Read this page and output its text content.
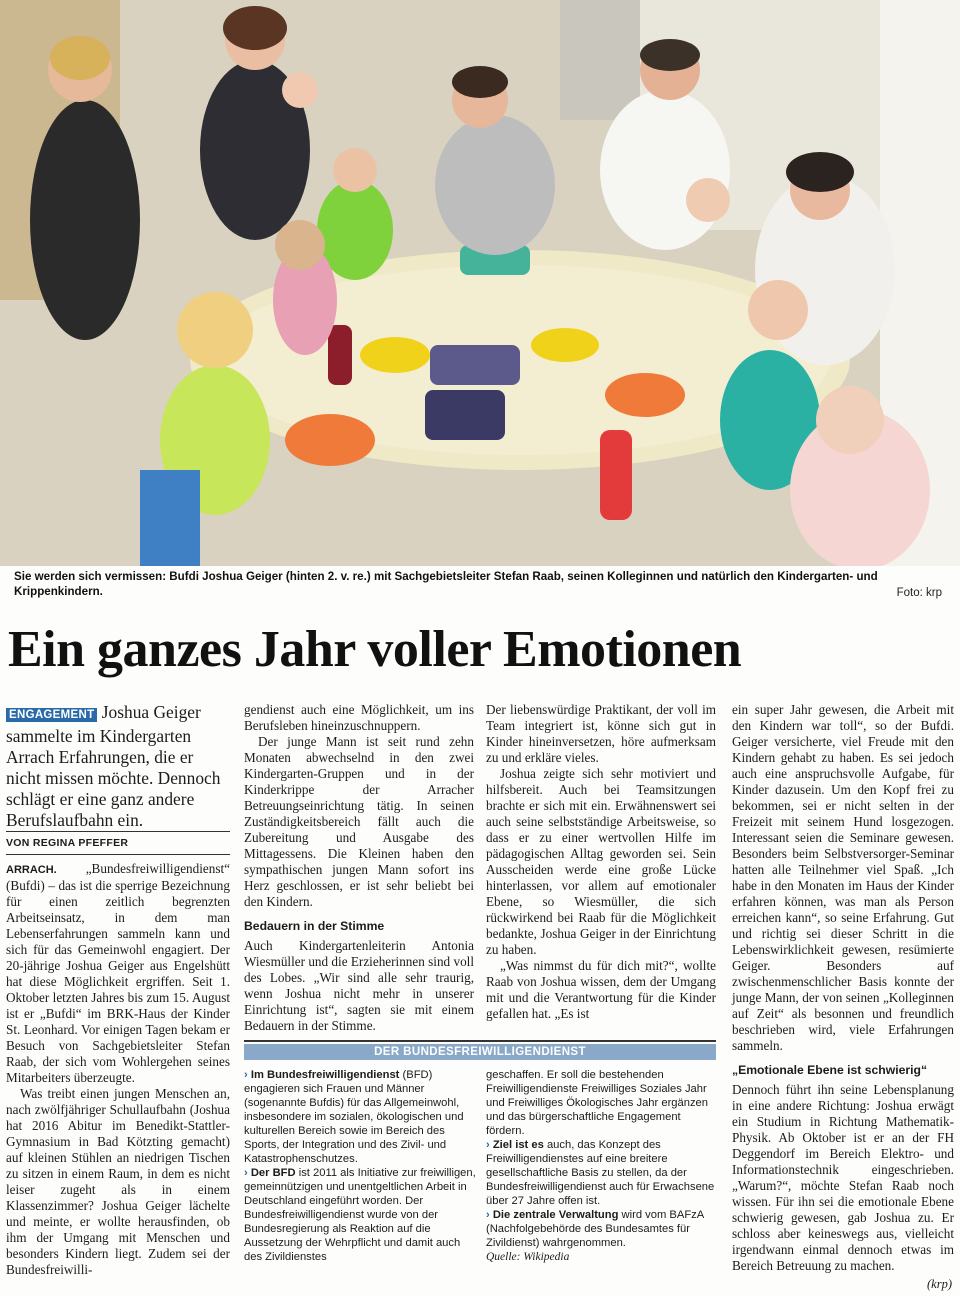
Sie werden sich vermissen: Bufdi Joshua Geiger (hinten 2. v. re.) mit Sachgebietsleiter Stefan Raab, seinen Kolleginnen und natürlich den Kindergarten- und Krippenkindern.	Foto: krp
Ein ganzes Jahr voller Emotionen

ENGAGEMENT Joshua Geiger sammelte im Kindergarten Arrach Erfahrungen, die er nicht missen möchte. Dennoch schlägt er eine ganz andere Berufslaufbahn ein.

VON REGINA PFEFFER

ARRACH. „Bundesfreiwilligendienst“ (Bufdi) – das ist die sperrige Bezeichnung für einen zeitlich begrenzten Arbeitseinsatz, in dem man Lebenserfahrungen sammeln kann und sich für das Gemeinwohl engagiert. Der 20-jährige Joshua Geiger aus Engelshütt hat diese Möglichkeit ergriffen. Seit 1. Oktober letzten Jahres bis zum 15. August ist er „Bufdi“ im BRK-Haus der Kinder St. Leonhard. Vor einigen Tagen bekam er Besuch von Sachgebietsleiter Stefan Raab, der sich vom Wohlergehen seines Mitarbeiters überzeugte.

Was treibt einen jungen Menschen an, nach zwölfjähriger Schullaufbahn (Joshua hat 2016 Abitur im Benedikt-Stattler-Gymnasium in Bad Kötzting gemacht) auf kleinen Stühlen an niedrigen Tischen zu sitzen in einem Raum, in dem es nicht leiser zugeht als in einem Klassenzimmer? Joshua Geiger lächelte und meinte, er wollte herausfinden, ob ihm der Umgang mit Menschen und besonders Kindern liegt. Zudem sei der Bundesfreiwilli-

gendienst auch eine Möglichkeit, um ins Berufsleben hineinzuschnuppern.

Der junge Mann ist seit rund zehn Monaten abwechselnd in den zwei Kindergarten-Gruppen und in der Kinderkrippe der Arracher Betreuungseinrichtung tätig. In seinen Zuständigkeitsbereich fällt auch die Zubereitung und Ausgabe des Mittagessens. Die Kleinen haben den sympathischen jungen Mann sofort ins Herz geschlossen, er ist sehr beliebt bei den Kindern.

Bedauern in der Stimme

Auch Kindergartenleiterin Antonia Wiesmüller und die Erzieherinnen sind voll des Lobes. „Wir sind alle sehr traurig, wenn Joshua nicht mehr in unserer Einrichtung ist“, sagten sie mit einem Bedauern in der Stimme.

Der liebenswürdige Praktikant, der voll im Team integriert ist, könne sich gut in Kinder hineinversetzen, höre aufmerksam zu und erkläre vieles.

Joshua zeigte sich sehr motiviert und hilfsbereit. Auch bei Teamsitzungen brachte er sich mit ein. Erwähnenswert sei auch seine selbstständige Arbeitsweise, so dass er zu einer wertvollen Hilfe im pädagogischen Alltag geworden sei. Sein Ausscheiden werde eine große Lücke hinterlassen, vor allem auf emotionaler Ebene, so Wiesmüller, die sich rückwirkend bei Raab für die Möglichkeit bedankte, Joshua Geiger in der Einrichtung zu haben.

„Was nimmst du für dich mit?“, wollte Raab von Joshua wissen, dem der Umgang mit und die Verantwortung für die Kinder gefallen hat. „Es ist

ein super Jahr gewesen, die Arbeit mit den Kindern war toll“, so der Bufdi. Geiger versicherte, viel Freude mit den Kindern gehabt zu haben. Es sei jedoch auch eine anspruchsvolle Aufgabe, für Kinder dazusein. Um den Kopf frei zu bekommen, sei er nicht selten in der Freizeit mit seinem Hund losgezogen. Interessant seien die Seminare gewesen. Besonders beim Selbstversorger-Seminar hatten alle Teilnehmer viel Spaß. „Ich habe in den Monaten im Haus der Kinder erfahren können, was man als Person erreichen kann“, so seine Erfahrung. Gut und richtig sei dieser Schritt in die Lebenswirklichkeit gewesen, resümierte Geiger. Besonders auf zwischenmenschlicher Basis konnte der junge Mann, der von seinen „Kolleginnen auf Zeit“ als besonnen und freundlich beschrieben wird, viele Erfahrungen sammeln.

„Emotionale Ebene ist schwierig“

Dennoch führt ihn seine Lebensplanung in eine andere Richtung: Joshua erwägt ein Studium in Richtung Mathematik-Physik. Ab Oktober ist er an der FH Deggendorf im Bereich Elektro- und Informationstechnik eingeschrieben. „Warum?“, möchte Stefan Raab noch wissen. Für ihn sei die emotionale Ebene schwierig gewesen, gab Joshua zu. Er schloss aber keineswegs aus, vielleicht irgendwann einmal dennoch etwas im Bereich Betreuung zu machen.

(krp)
DER BUNDESFREIWILLIGENDIENST

› Im Bundesfreiwilligendienst (BFD) engagieren sich Frauen und Männer (sogenannte Bufdis) für das Allgemeinwohl, insbesondere im sozialen, ökologischen und kulturellen Bereich sowie im Bereich des Sports, der Integration und des Zivil- und Katastrophenschutzes.

› Der BFD ist 2011 als Initiative zur freiwilligen, gemeinnützigen und unentgeltlichen Arbeit in Deutschland eingeführt worden. Der Bundesfreiwilligendienst wurde von der Bundesregierung als Reaktion auf die Aussetzung der Wehrpflicht und damit auch des Zivildienstes

geschaffen. Er soll die bestehenden Freiwilligendienste Freiwilliges Soziales Jahr und Freiwilliges Ökologisches Jahr ergänzen und das bürgerschaftliche Engagement fördern.

› Ziel ist es auch, das Konzept des Freiwilligendienstes auf eine breitere gesellschaftliche Basis zu stellen, da der Bundesfreiwilligendienst auch für Erwachsene über 27 Jahre offen ist.

› Die zentrale Verwaltung wird vom BAFzA (Nachfolgebehörde des Bundesamtes für Zivildienst) wahrgenommen.

Quelle: Wikipedia
